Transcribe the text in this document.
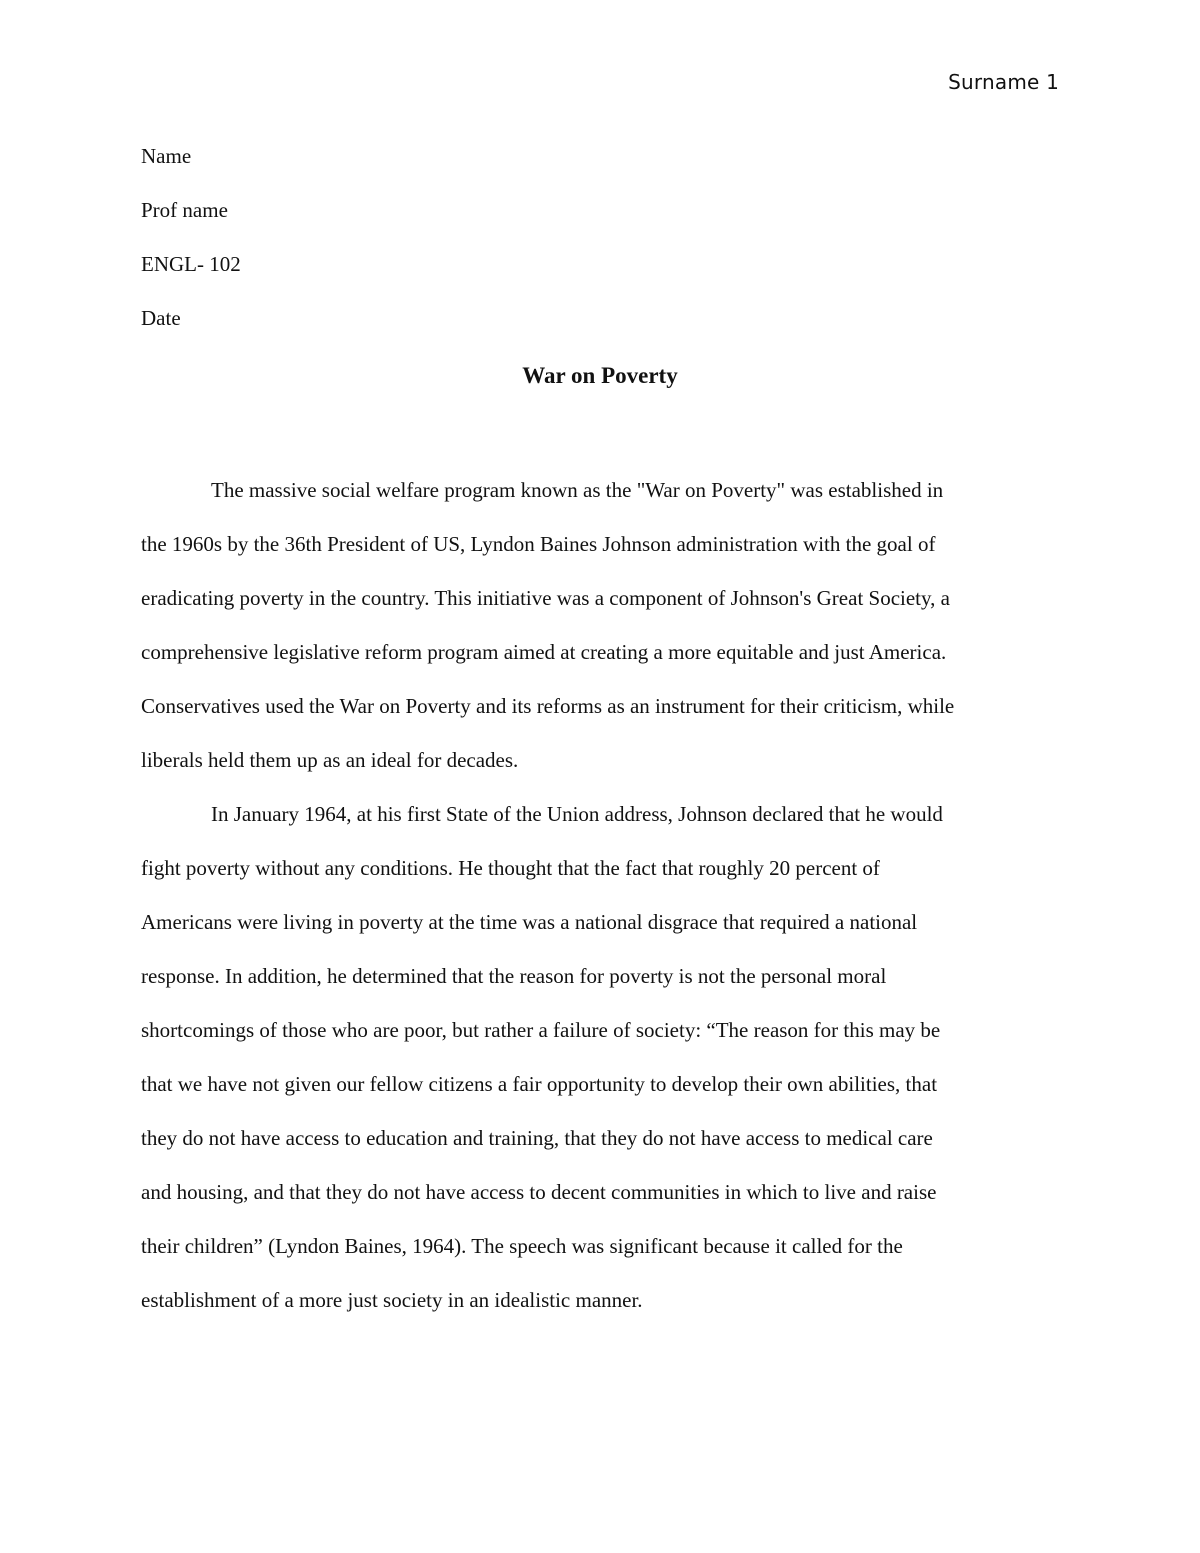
Surname 1
Name
Prof name
ENGL- 102
Date
War on Poverty
The massive social welfare program known as the "War on Poverty" was established in
the 1960s by the 36th President of US, Lyndon Baines Johnson administration with the goal of
eradicating poverty in the country. This initiative was a component of Johnson's Great Society, a
comprehensive legislative reform program aimed at creating a more equitable and just America.
Conservatives used the War on Poverty and its reforms as an instrument for their criticism, while
liberals held them up as an ideal for decades.
In January 1964, at his first State of the Union address, Johnson declared that he would
fight poverty without any conditions. He thought that the fact that roughly 20 percent of
Americans were living in poverty at the time was a national disgrace that required a national
response. In addition, he determined that the reason for poverty is not the personal moral
shortcomings of those who are poor, but rather a failure of society: “The reason for this may be
that we have not given our fellow citizens a fair opportunity to develop their own abilities, that
they do not have access to education and training, that they do not have access to medical care
and housing, and that they do not have access to decent communities in which to live and raise
their children” (Lyndon Baines, 1964). The speech was significant because it called for the
establishment of a more just society in an idealistic manner.
